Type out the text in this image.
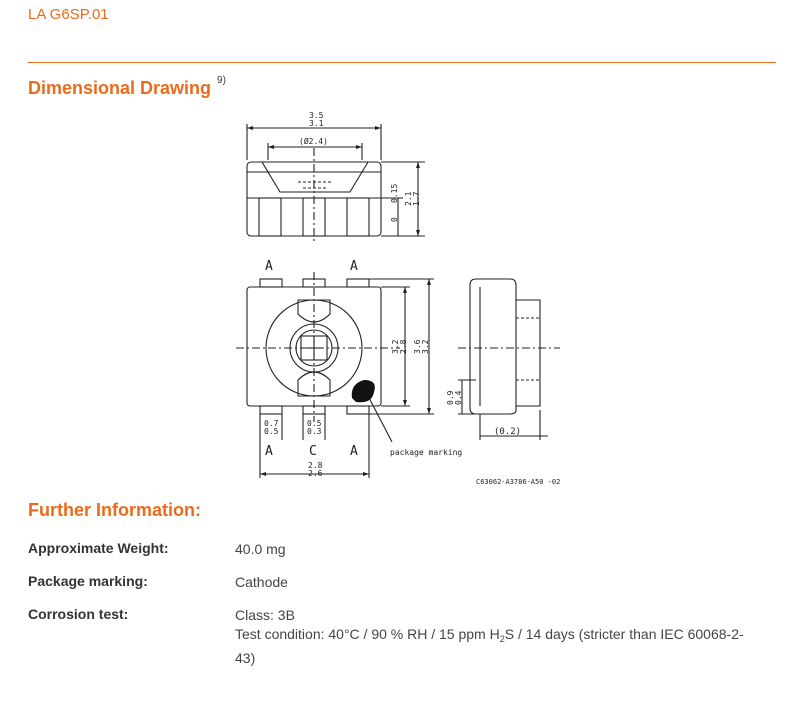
LA G6SP.01
Dimensional Drawing $^{9)}$
3.5
3.1
(Ø2.4)
0.15
0
2.1 1.7
A	A
A	C	A
3.2 2.8 3.6 3.2
0.9 0.4
0.7
0.5
0.5
0.3
2.8
2.6
(0.2)
package marking
C63062-A3786-A50 -02
Further Information:
Approximate Weight:	40.0 mg
Package marking:	Cathode
Corrosion test:	Class: 3B
Test condition: 40°C / 90 % RH / 15 ppm $H_2S / 14$ days (stricter than IEC 60068-2-43)
